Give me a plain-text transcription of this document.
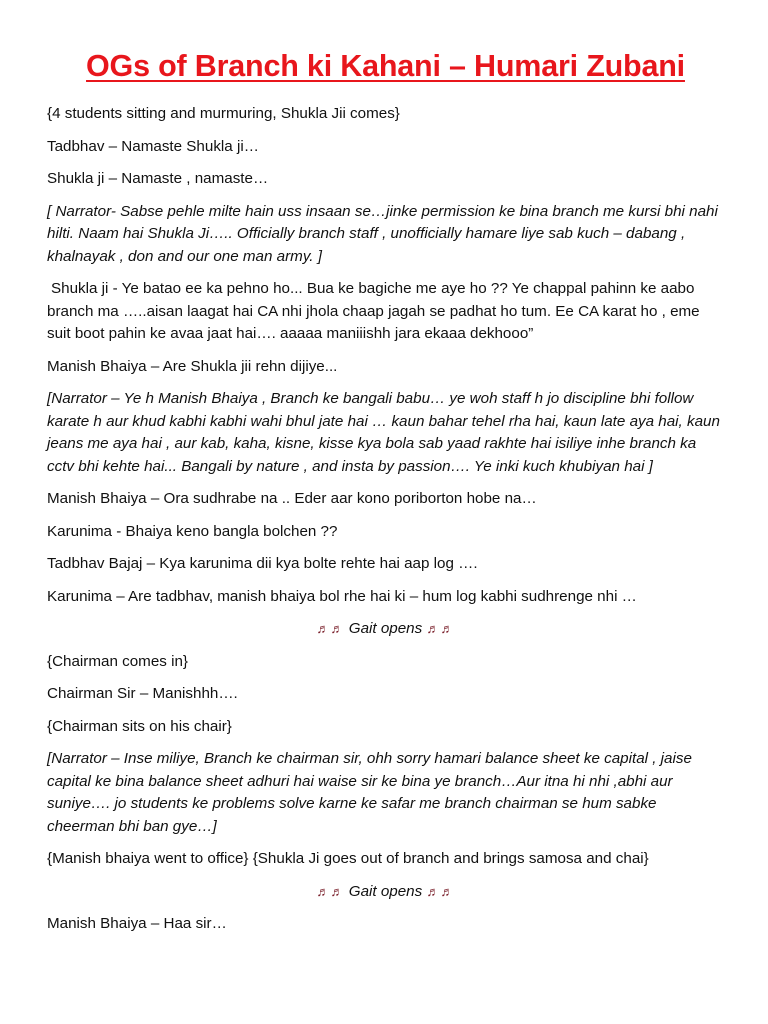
OGs of Branch ki Kahani – Humari Zubani

{4 students sitting and murmuring, Shukla Jii comes}

Tadbhav – Namaste Shukla ji…

Shukla ji – Namaste , namaste…

[ Narrator- Sabse pehle milte hain uss insaan se…jinke permission ke bina branch me kursi bhi nahi hilti. Naam hai Shukla Ji….. Officially branch staff , unofficially hamare liye sab kuch – dabang , khalnayak , don and our one man army. ]

Shukla ji - Ye batao ee ka pehno ho... Bua ke bagiche me aye ho ?? Ye chappal pahinn ke aabo branch ma …..aisan laagat hai CA nhi jhola chaap jagah se padhat ho tum. Ee CA karat ho , eme suit boot pahin ke avaa jaat hai…. aaaaa maniiishh jara ekaaa dekhooo”

Manish Bhaiya – Are Shukla jii rehn dijiye...

[Narrator – Ye h Manish Bhaiya , Branch ke bangali babu… ye woh staff h jo discipline bhi follow karate h aur khud kabhi kabhi wahi bhul jate hai … kaun bahar tehel rha hai, kaun late aya hai, kaun jeans me aya hai , aur kab, kaha, kisne, kisse kya bola sab yaad rakhte hai isiliye inhe branch ka cctv bhi kehte hai... Bangali by nature , and insta by passion…. Ye inki kuch khubiyan hai ]

Manish Bhaiya – Ora sudhrabe na .. Eder aar kono poriborton hobe na…

Karunima - Bhaiya keno bangla bolchen ??

Tadbhav Bajaj – Kya karunima dii kya bolte rehte hai aap log ….

Karunima – Are tadbhav, manish bhaiya bol rhe hai ki – hum log kabhi sudhrenge nhi …

♬♬ Gait opens ♬♬

{Chairman comes in}

Chairman Sir – Manishhh….

{Chairman sits on his chair}

[Narrator – Inse miliye, Branch ke chairman sir, ohh sorry hamari balance sheet ke capital , jaise capital ke bina balance sheet adhuri hai waise sir ke bina ye branch…Aur itna hi nhi ,abhi aur suniye…. jo students ke problems solve karne ke safar me branch chairman se hum sabke cheerman bhi ban gye…]

{Manish bhaiya went to office} {Shukla Ji goes out of branch and brings samosa and chai}

♬♬ Gait opens ♬♬

Manish Bhaiya – Haa sir…
